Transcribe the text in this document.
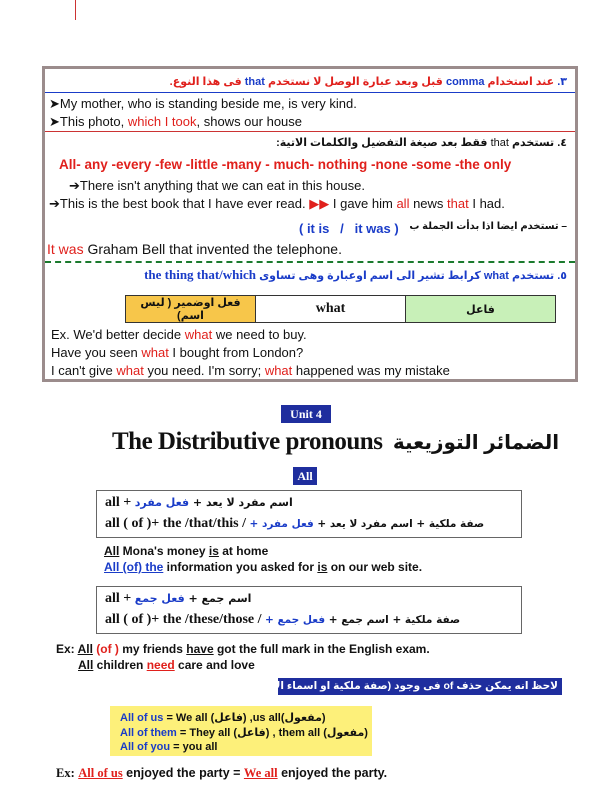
٣. عند استخدام comma قبل وبعد عبارة الوصل لا نستخدم that فى هذا النوع.
➤My mother, who is standing beside me, is very kind.
➤This photo, which I took, shows our house
٤. تستخدم that فقط بعد صيغة التفضيل والكلمات الاتية:
All- any -every -few -little -many - much- nothing -none -some -the only
➔There isn't anything that we can eat in this house.
➔This is the best book that I have ever read. ▶▶ I gave him all news that I had.
( it is   /   it was ) – تستخدم ايضا اذا بدأت الجملة ب
It was Graham Bell that invented the telephone.
٥. تستخدم what كرابط تشير الى اسم اوعبارة وهى تساوى the thing that/which
فعل اوضمير ( ليس اسم)	what	فاعل
Ex. We'd better decide what we need to buy.
Have you seen what I bought from London?
I can't give what you need. I'm sorry; what happened was my mistake
Unit 4
The Distributive pronouns الضمائر التوزيعية
All
all +	اسم مفرد لا يعد + فعل مفرد
all ( of )+ the /that/this /	صفة ملكية + اسم مفرد لا يعد + فعل مفرد +
All Mona's money is at home
All (of) the information you asked for is on our web site.
all +	اسم جمع + فعل جمع
all ( of )+ the /these/those /	صفة ملكية + اسم جمع + فعل جمع +
Ex: All (of ) my friends have got the full mark in the English exam.
All children need care and love
لاحظ انه يمكن حذف of فى وجود (صفة ملكية او اسماء الاشارة او the)
All of us = We all (فاعل) ,us all(مفعول)
All of them = They all (فاعل) , them all (مفعول)
All of you = you all
Ex: All of us enjoyed the party = We all enjoyed the party.
